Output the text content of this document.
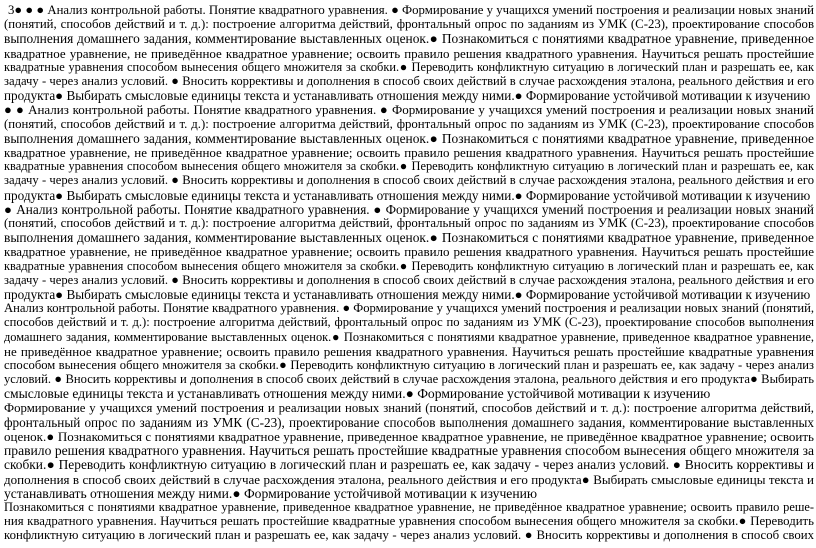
3● ● ● Анализ контрольной работы. Понятие квадратного уравнения. ● Формирование у учащихся умений построения и реализации новых знаний
(понятий, способов действий и т. д.): построение алгоритма действий, фронтальный опрос по заданиям из УМК (С-23), проектирование способов
выполнения домашнего задания, комментирование выставленных оценок.● Познакомиться с понятиями квадратное уравнение, приведенное
квадратное уравнение, не приведённое квадратное уравнение; освоить правило решения квадратного уравнения. Научиться решать простейшие
квадратные уравнения способом вынесения общего множителя за скобки.● Переводить конфликтную ситуацию в логический план и разрешать ее, как
задачу - через анализ условий. ● Вносить коррективы и дополнения в способ своих действий в случае расхождения эталона, реального действия и его
продукта● Выбирать смысловые единицы текста и устанавливать отношения между ними.● Формирование устойчивой мотивации к изучению
● ● Анализ контрольной работы. Понятие квадратного уравнения. ● Формирование у учащихся умений построения и реализации новых знаний
(понятий, способов действий и т. д.): построение алгоритма действий, фронтальный опрос по заданиям из УМК (С-23), проектирование способов
выполнения домашнего задания, комментирование выставленных оценок.● Познакомиться с понятиями квадратное уравнение, приведенное
квадратное уравнение, не приведённое квадратное уравнение; освоить правило решения квадратного уравнения. Научиться решать простейшие
квадратные уравнения способом вынесения общего множителя за скобки.● Переводить конфликтную ситуацию в логический план и разрешать ее, как
задачу - через анализ условий. ● Вносить коррективы и дополнения в способ своих действий в случае расхождения эталона, реального действия и его
продукта● Выбирать смысловые единицы текста и устанавливать отношения между ними.● Формирование устойчивой мотивации к изучению
● Анализ контрольной работы. Понятие квадратного уравнения. ● Формирование у учащихся умений построения и реализации новых знаний
(понятий, способов действий и т. д.): построение алгоритма действий, фронтальный опрос по заданиям из УМК (С-23), проектирование способов
выполнения домашнего задания, комментирование выставленных оценок.● Познакомиться с понятиями квадратное уравнение, приведенное
квадратное уравнение, не приведённое квадратное уравнение; освоить правило решения квадратного уравнения. Научиться решать простейшие
квадратные уравнения способом вынесения общего множителя за скобки.● Переводить конфликтную ситуацию в логический план и разрешать ее, как
задачу - через анализ условий. ● Вносить коррективы и дополнения в способ своих действий в случае расхождения эталона, реального действия и его
продукта● Выбирать смысловые единицы текста и устанавливать отношения между ними.● Формирование устойчивой мотивации к изучению
Анализ контрольной работы. Понятие квадратного уравнения. ● Формирование у учащихся умений построения и реализации новых знаний (понятий,
способов действий и т. д.): построение алгоритма действий, фронтальный опрос по заданиям из УМК (С-23), проектирование способов выполнения
домашнего задания, комментирование выставленных оценок.● Познакомиться с понятиями квадратное уравнение, приведенное квадратное уравнение,
не приведённое квадратное уравнение; освоить правило решения квадратного уравнения. Научиться решать простейшие квадратные уравнения
способом вынесения общего множителя за скобки.● Переводить конфликтную ситуацию в логический план и разрешать ее, как задачу - через анализ
условий. ● Вносить коррективы и дополнения в способ своих действий в случае расхождения эталона, реального действия и его продукта● Выбирать
смысловые единицы текста и устанавливать отношения между ними.● Формирование устойчивой мотивации к изучению
Формирование у учащихся умений построения и реализации новых знаний (понятий, способов действий и т. д.): построение алгоритма действий,
фронтальный опрос по заданиям из УМК (С-23), проектирование способов выполнения домашнего задания, комментирование выставленных
оценок.● Познакомиться с понятиями квадратное уравнение, приведенное квадратное уравнение, не приведённое квадратное уравнение; освоить
правило решения квадратного уравнения. Научиться решать простейшие квадратные уравнения способом вынесения общего множителя за
скобки.● Переводить конфликтную ситуацию в логический план и разрешать ее, как задачу - через анализ условий. ● Вносить коррективы и
дополнения в способ своих действий в случае расхождения эталона, реального действия и его продукта● Выбирать смысловые единицы текста и
устанавливать отношения между ними.● Формирование устойчивой мотивации к изучению
Познакомиться с понятиями квадратное уравнение, приведенное квадратное уравнение, не приведённое квадратное уравнение; освоить правило реше-
ния квадратного уравнения. Научиться решать простейшие квадратные уравнения способом вынесения общего множителя за скобки.● Переводить
конфликтную ситуацию в логический план и разрешать ее, как задачу - через анализ условий. ● Вносить коррективы и дополнения в способ своих
